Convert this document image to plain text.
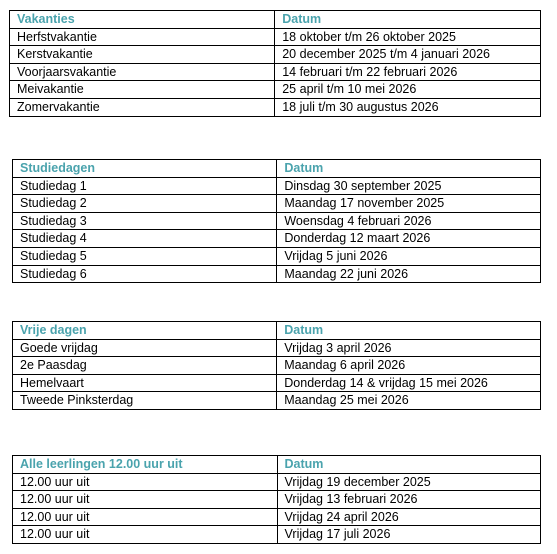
Vakanties	Datum
Herfstvakantie	18 oktober t/m 26 oktober 2025
Kerstvakantie	20 december 2025 t/m 4 januari 2026
Voorjaarsvakantie	14 februari t/m 22 februari 2026
Meivakantie	25 april t/m 10 mei 2026
Zomervakantie	18 juli t/m 30 augustus 2026
Studiedagen	Datum
Studiedag 1	Dinsdag 30 september 2025
Studiedag 2	Maandag 17 november 2025
Studiedag 3	Woensdag 4 februari 2026
Studiedag 4	Donderdag 12 maart 2026
Studiedag 5	Vrijdag 5 juni 2026
Studiedag 6	Maandag 22 juni 2026
Vrije dagen	Datum
Goede vrijdag	Vrijdag 3 april 2026
2e Paasdag	Maandag 6 april 2026
Hemelvaart	Donderdag 14 & vrijdag 15 mei 2026
Tweede Pinksterdag	Maandag 25 mei 2026
Alle leerlingen 12.00 uur uit	Datum
12.00 uur uit	Vrijdag 19 december 2025
12.00 uur uit	Vrijdag 13 februari 2026
12.00 uur uit	Vrijdag 24 april 2026
12.00 uur uit	Vrijdag 17 juli 2026
